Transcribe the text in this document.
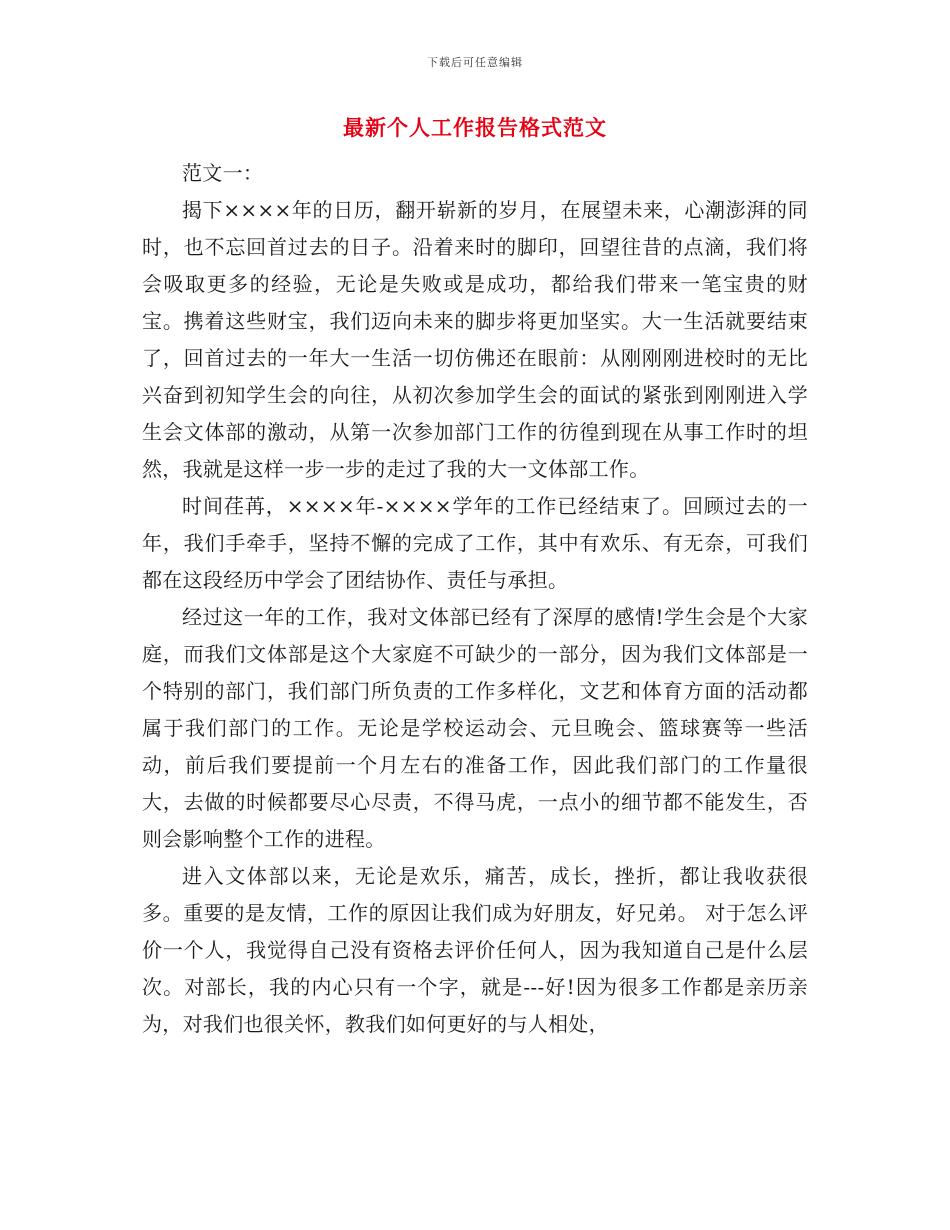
下载后可任意编辑
最新个人工作报告格式范文

范文一：

揭下××××年的日历，翻开崭新的岁月，在展望未来，心潮澎湃的同时，也不忘回首过去的日子。沿着来时的脚印，回望往昔的点滴，我们将会吸取更多的经验，无论是失败或是成功，都给我们带来一笔宝贵的财宝。携着这些财宝，我们迈向未来的脚步将更加坚实。大一生活就要结束了，回首过去的一年大一生活一切仿佛还在眼前：从刚刚刚进校时的无比兴奋到初知学生会的向往，从初次参加学生会的面试的紧张到刚刚进入学生会文体部的激动，从第一次参加部门工作的彷徨到现在从事工作时的坦然，我就是这样一步一步的走过了我的大一文体部工作。

时间荏苒，××××年-××××学年的工作已经结束了。回顾过去的一年，我们手牵手，坚持不懈的完成了工作，其中有欢乐、有无奈，可我们都在这段经历中学会了团结协作、责任与承担。

经过这一年的工作，我对文体部已经有了深厚的感情!学生会是个大家庭，而我们文体部是这个大家庭不可缺少的一部分，因为我们文体部是一个特别的部门，我们部门所负责的工作多样化，文艺和体育方面的活动都属于我们部门的工作。无论是学校运动会、元旦晚会、篮球赛等一些活动，前后我们要提前一个月左右的准备工作，因此我们部门的工作量很大，去做的时候都要尽心尽责，不得马虎，一点小的细节都不能发生，否则会影响整个工作的进程。

进入文体部以来，无论是欢乐，痛苦，成长，挫折，都让我收获很多。重要的是友情，工作的原因让我们成为好朋友，好兄弟。 对于怎么评价一个人，我觉得自己没有资格去评价任何人，因为我知道自己是什么层次。对部长，我的内心只有一个字，就是---好!因为很多工作都是亲历亲为，对我们也很关怀，教我们如何更好的与人相处，
